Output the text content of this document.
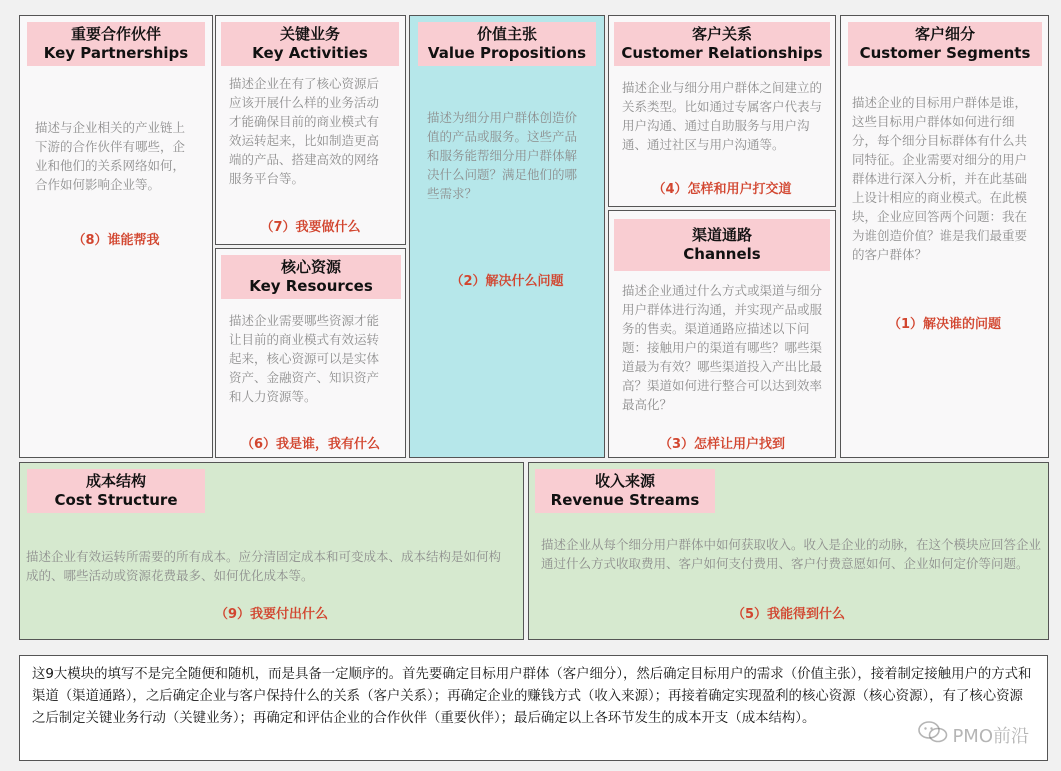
重要合作伙伴
Key Partnerships

描述与企业相关的产业链上下游的合作伙伴有哪些，企业和他们的关系网络如何，合作如何影响企业等。

（8）谁能帮我
关键业务
Key Activities

描述企业在有了核心资源后应该开展什么样的业务活动才能确保目前的商业模式有效运转起来，比如制造更高端的产品、搭建高效的网络服务平台等。

（7）我要做什么
核心资源
Key Resources

描述企业需要哪些资源才能让目前的商业模式有效运转起来，核心资源可以是实体资产、金融资产、知识资产和人力资源等。

（6）我是谁，我有什么
价值主张
Value Propositions

描述为细分用户群体创造价值的产品或服务。这些产品和服务能帮细分用户群体解决什么问题？满足他们的哪些需求？

（2）解决什么问题
客户关系
Customer Relationships

描述企业与细分用户群体之间建立的关系类型。比如通过专属客户代表与用户沟通、通过自助服务与用户沟通、通过社区与用户沟通等。

（4）怎样和用户打交道
渠道通路
Channels

描述企业通过什么方式或渠道与细分用户群体进行沟通，并实现产品或服务的售卖。渠道通路应描述以下问题：接触用户的渠道有哪些？哪些渠道最为有效？哪些渠道投入产出比最高？渠道如何进行整合可以达到效率最高化？

（3）怎样让用户找到
客户细分
Customer Segments

描述企业的目标用户群体是谁，这些目标用户群体如何进行细分，每个细分目标群体有什么共同特征。企业需要对细分的用户群体进行深入分析，并在此基础上设计相应的商业模式。在此模块，企业应回答两个问题：我在为谁创造价值？谁是我们最重要的客户群体？

（1）解决谁的问题
成本结构
Cost Structure

描述企业有效运转所需要的所有成本。应分清固定成本和可变成本、成本结构是如何构成的、哪些活动或资源花费最多、如何优化成本等。

（9）我要付出什么
收入来源
Revenue Streams

描述企业从每个细分用户群体中如何获取收入。收入是企业的动脉，在这个模块应回答企业通过什么方式收取费用、客户如何支付费用、客户付费意愿如何、企业如何定价等问题。

（5）我能得到什么
这9大模块的填写不是完全随便和随机，而是具备一定顺序的。首先要确定目标用户群体（客户细分），然后确定目标用户的需求（价值主张），接着制定接触用户的方式和渠道（渠道通路），之后确定企业与客户保持什么的关系（客户关系）；再确定企业的赚钱方式（收入来源）；再接着确定实现盈利的核心资源（核心资源），有了核心资源之后制定关键业务行动（关键业务）；再确定和评估企业的合作伙伴（重要伙伴）；最后确定以上各环节发生的成本开支（成本结构）。
PMO前沿
